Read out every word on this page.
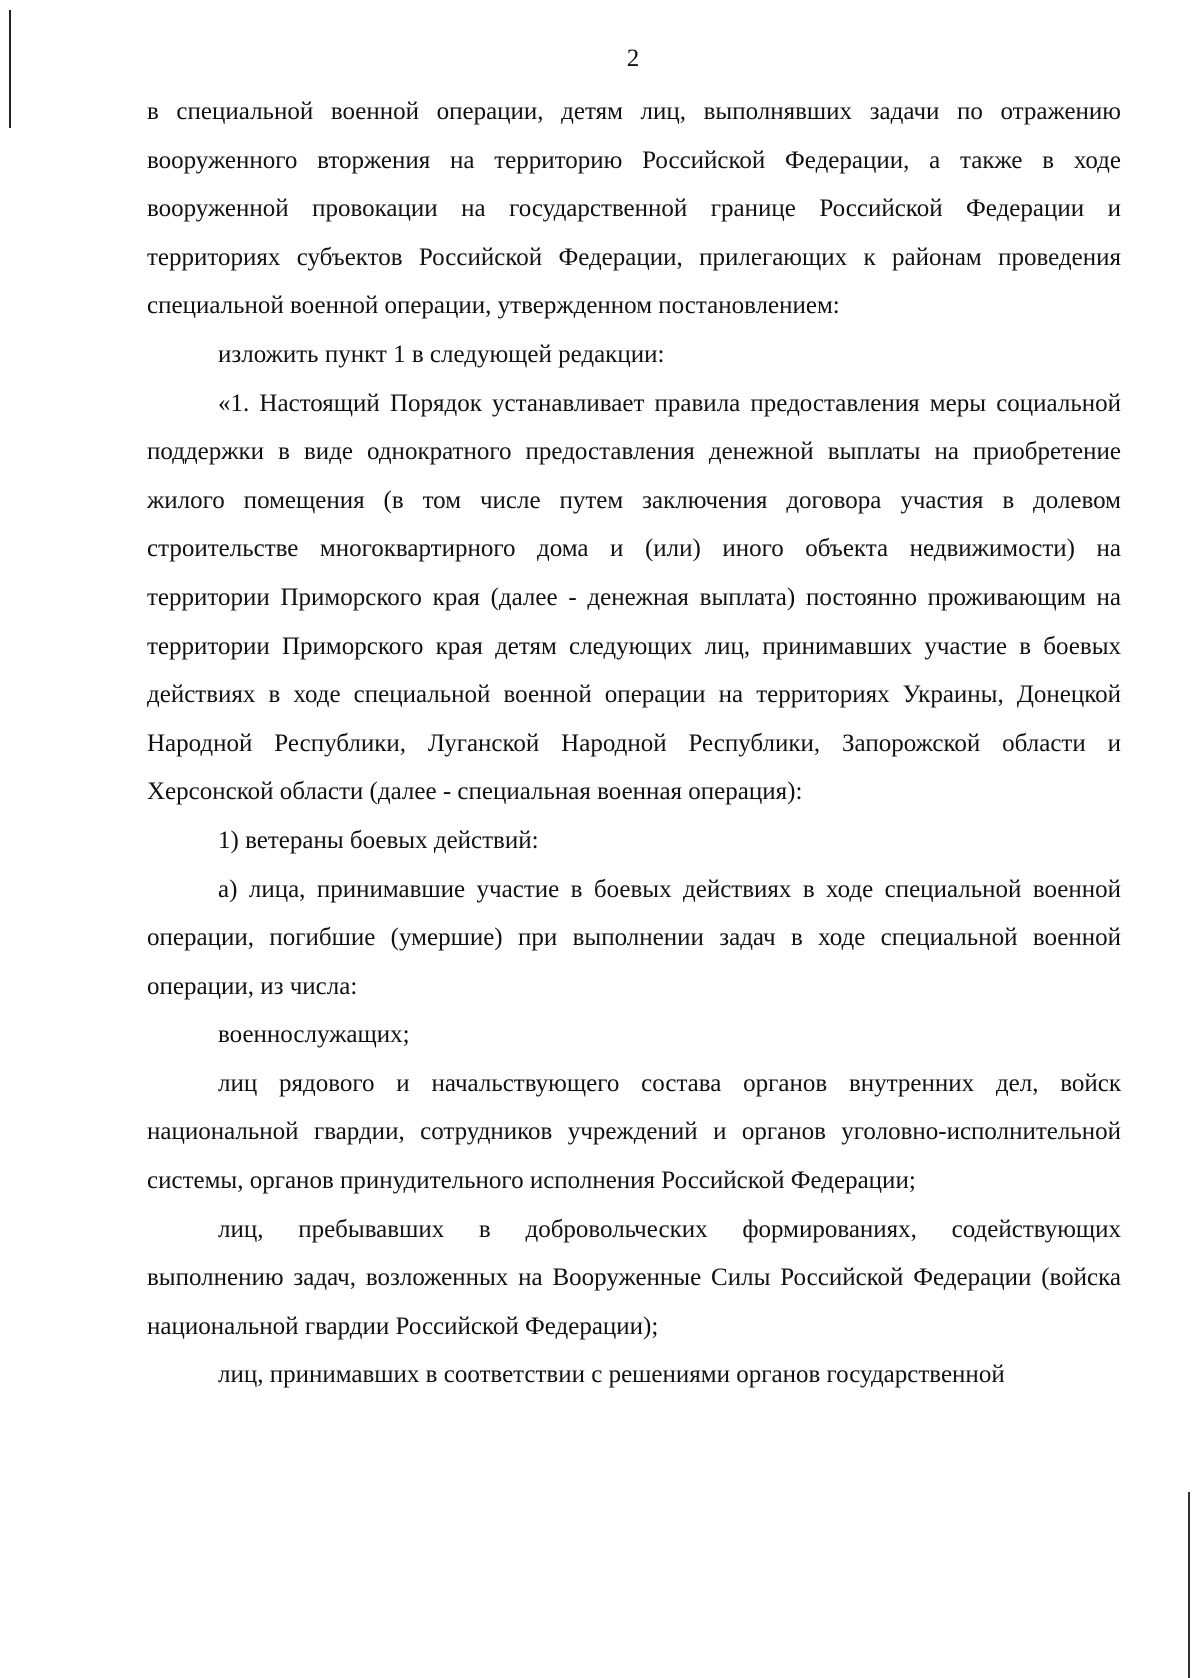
2

в специальной военной операции, детям лиц, выполнявших задачи по отражению вооруженного вторжения на территорию Российской Федерации, а также в ходе вооруженной провокации на государственной границе Российской Федерации и территориях субъектов Российской Федерации, прилегающих к районам проведения специальной военной операции, утвержденном постановлением:

изложить пункт 1 в следующей редакции:

«1. Настоящий Порядок устанавливает правила предоставления меры социальной поддержки в виде однократного предоставления денежной выплаты на приобретение жилого помещения (в том числе путем заключения договора участия в долевом строительстве многоквартирного дома и (или) иного объекта недвижимости) на территории Приморского края (далее - денежная выплата) постоянно проживающим на территории Приморского края детям следующих лиц, принимавших участие в боевых действиях в ходе специальной военной операции на территориях Украины, Донецкой Народной Республики, Луганской Народной Республики, Запорожской области и Херсонской области (далее - специальная военная операция):

1) ветераны боевых действий:

а) лица, принимавшие участие в боевых действиях в ходе специальной военной операции, погибшие (умершие) при выполнении задач в ходе специальной военной операции, из числа:

военнослужащих;

лиц рядового и начальствующего состава органов внутренних дел, войск национальной гвардии, сотрудников учреждений и органов уголовно-исполнительной системы, органов принудительного исполнения Российской Федерации;

лиц, пребывавших в добровольческих формированиях, содействующих выполнению задач, возложенных на Вооруженные Силы Российской Федерации (войска национальной гвардии Российской Федерации);

лиц, принимавших в соответствии с решениями органов государственной
